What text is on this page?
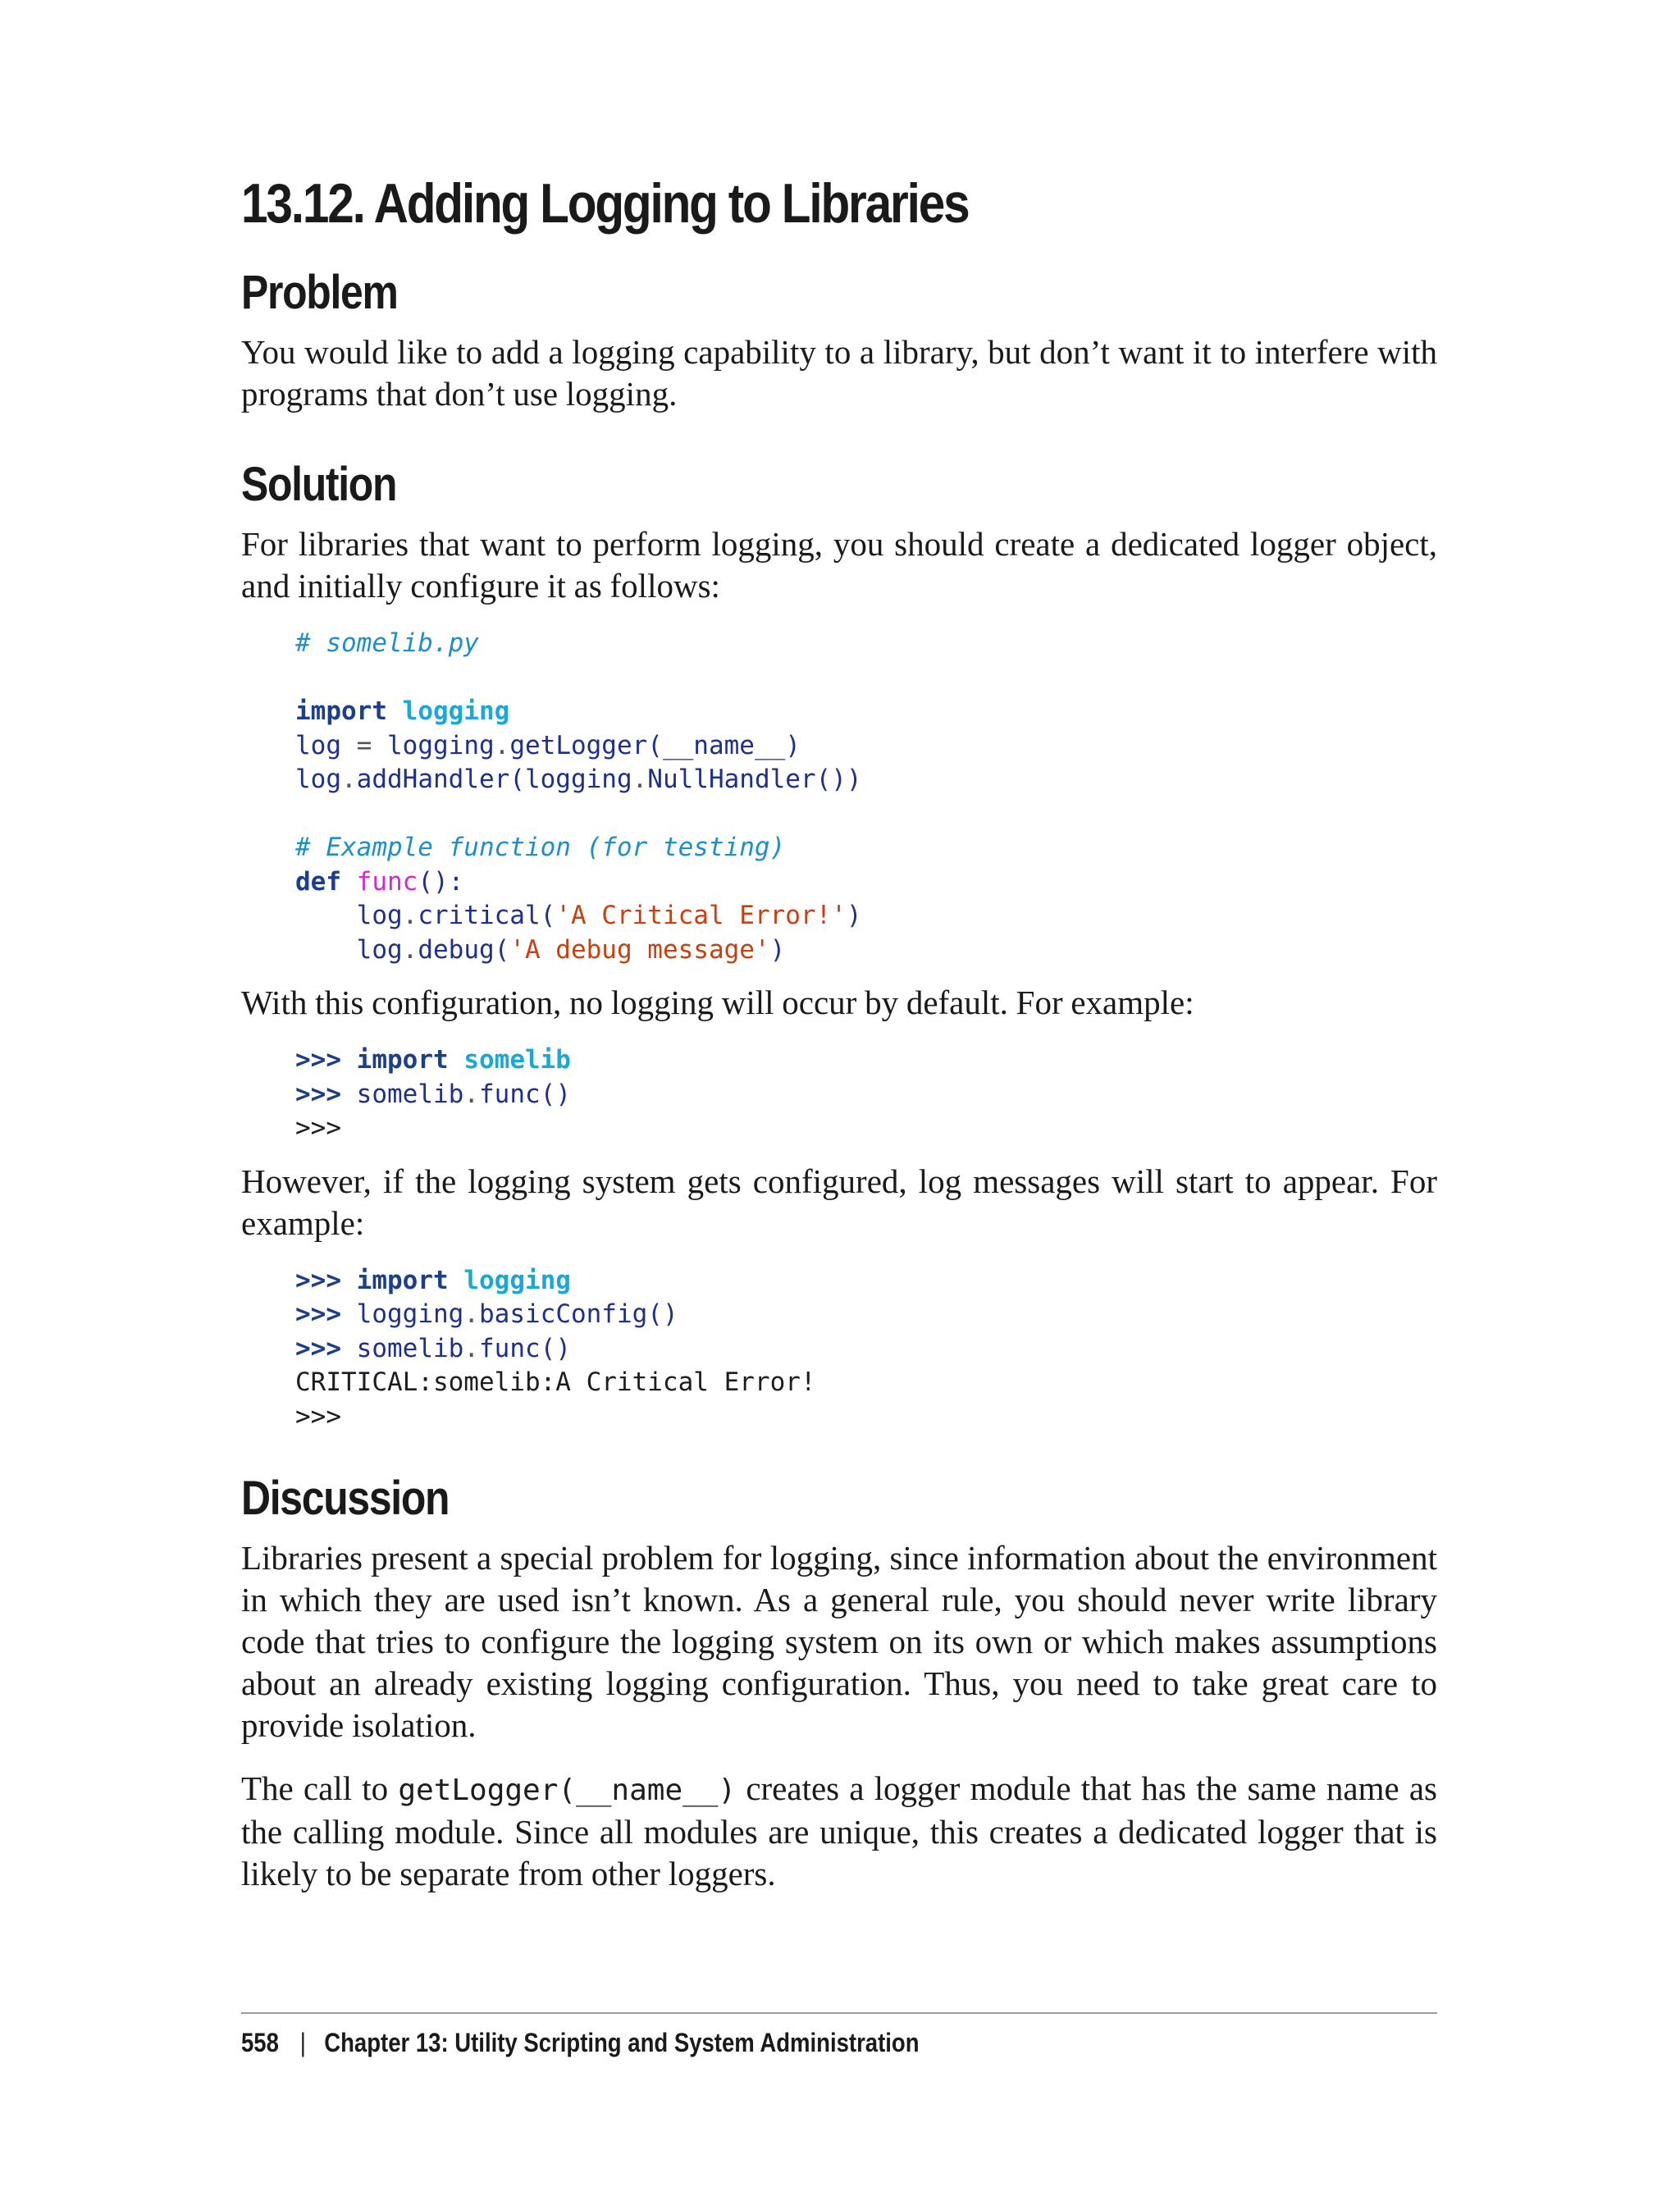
13.12. Adding Logging to Libraries
Problem

You would like to add a logging capability to a library, but don’t want it to interfere with programs that don’t use logging.

Solution

For libraries that want to perform logging, you should create a dedicated logger object, and initially configure it as follows:

# somelib.py
import logging
log = logging.getLogger(__name__)
log.addHandler(logging.NullHandler())
# Example function (for testing)
def func():
log.critical('A Critical Error!')
log.debug('A debug message')

With this configuration, no logging will occur by default. For example:

>>> import somelib
>>> somelib.func()
>>>

However, if the logging system gets configured, log messages will start to appear. For example:

>>> import logging
>>> logging.basicConfig()
>>> somelib.func()
CRITICAL:somelib:A Critical Error!
>>>
Discussion

Libraries present a special problem for logging, since information about the environment in which they are used isn’t known. As a general rule, you should never write library code that tries to configure the logging system on its own or which makes assumptions about an already existing logging configuration. Thus, you need to take great care to provide isolation.

The call to getLogger(__name__) creates a logger module that has the same name as the calling module. Since all modules are unique, this creates a dedicated logger that is likely to be separate from other loggers.

558 | Chapter 13: Utility Scripting and System Administration
